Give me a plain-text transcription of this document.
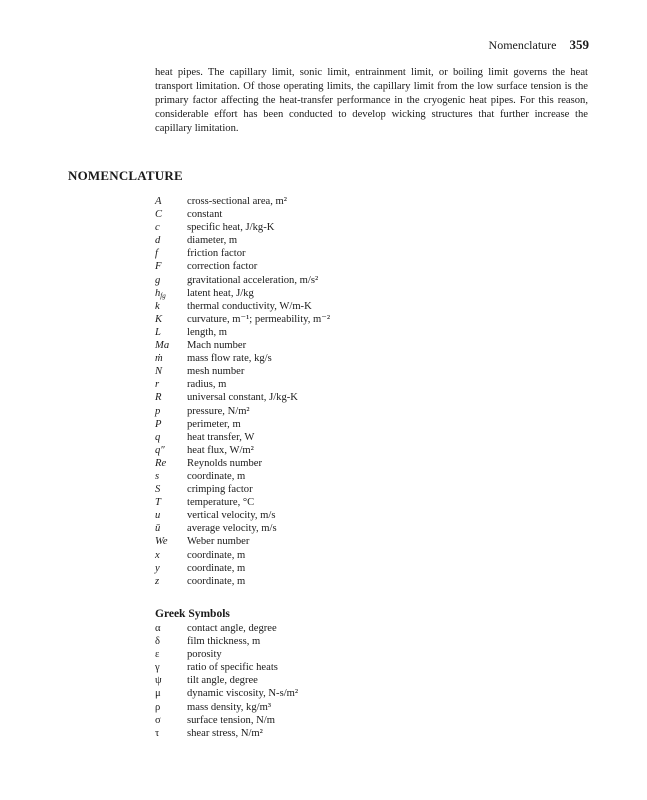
Nomenclature 359

heat pipes. The capillary limit, sonic limit, entrainment limit, or boiling limit governs the heat transport limitation. Of those operating limits, the capillary limit from the low surface tension is the primary factor affecting the heat-transfer performance in the cryogenic heat pipes. For this reason, considerable effort has been conducted to develop wicking structures that further increase the capillary limitation.

NOMENCLATURE
A	cross-sectional area, m²
C	constant
c	specific heat, J/kg-K
d	diameter, m
f	friction factor
F	correction factor
g	gravitational acceleration, m/s²
$h_{fg}$	latent heat, J/kg
k	thermal conductivity, W/m-K
K	curvature, m⁻¹; permeability, m⁻²
L	length, m
Ma	Mach number
ṁ	mass flow rate, kg/s
N	mesh number
r	radius, m
R	universal constant, J/kg-K
p	pressure, N/m²
P	perimeter, m
q	heat transfer, W
q″	heat flux, W/m²
Re	Reynolds number
s	coordinate, m
S	crimping factor
T	temperature, °C
u	vertical velocity, m/s
ū	average velocity, m/s
We	Weber number
x	coordinate, m
y	coordinate, m
z	coordinate, m
Greek Symbols
α	contact angle, degree
δ	film thickness, m
ε	porosity
γ	ratio of specific heats
ψ	tilt angle, degree
μ	dynamic viscosity, N-s/m²
ρ	mass density, kg/m³
σ	surface tension, N/m
τ	shear stress, N/m²
